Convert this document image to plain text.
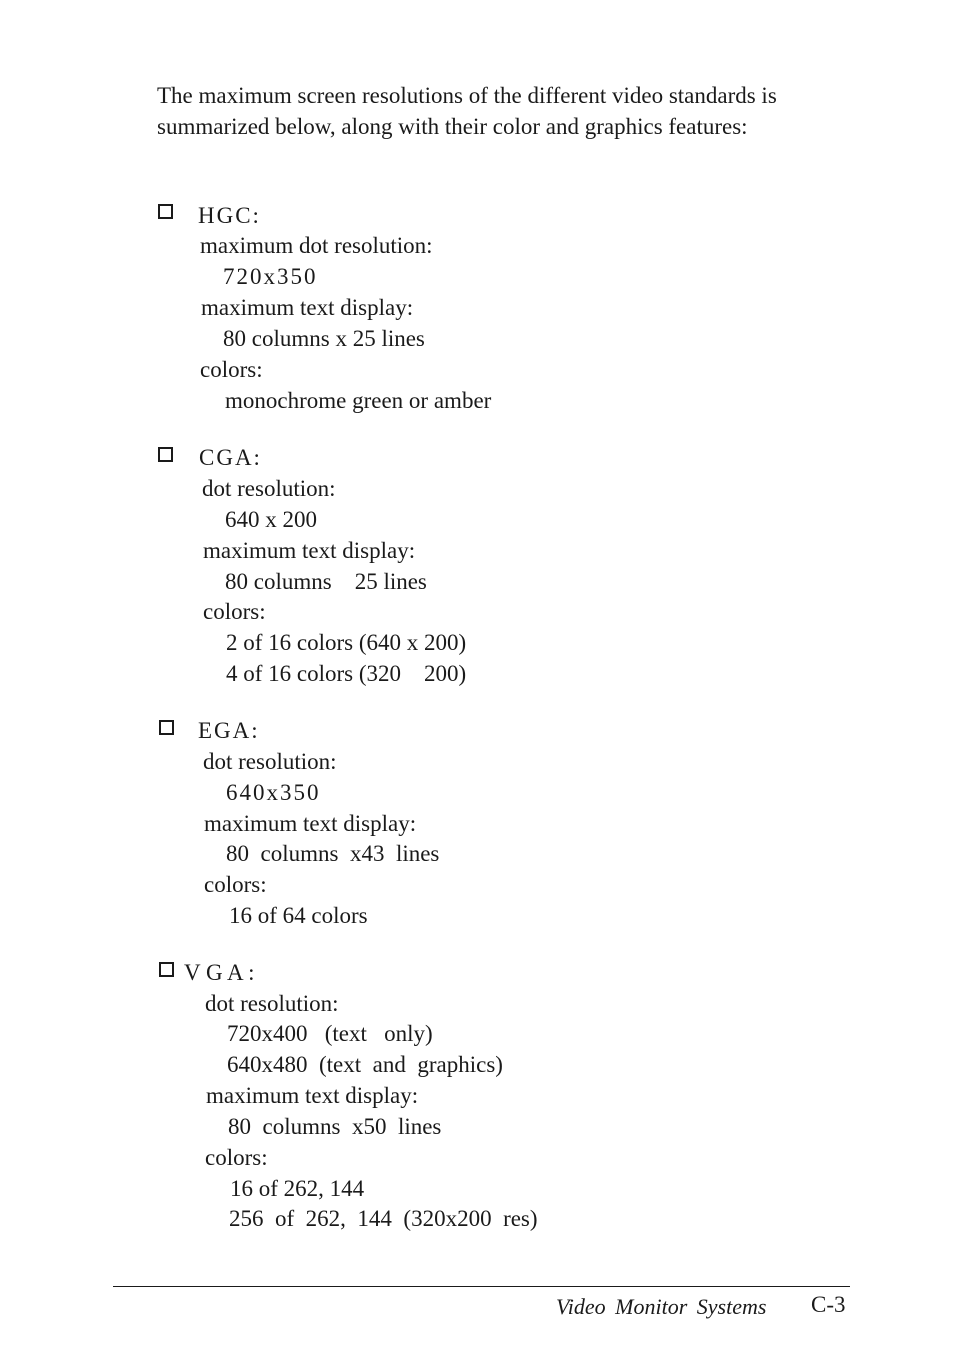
The maximum screen resolutions of the different video standards is summarized below, along with their color and graphics features:

HGC:
maximum dot resolution:
720x350
maximum text display:
80 columns x 25 lines
colors:
monochrome green or amber
CGA:
dot resolution:
640 x 200
maximum text display:
80 columns    25 lines
colors:
2 of 16 colors (640 x 200)
4 of 16 colors (320    200)
EGA:
dot resolution:
640x350
maximum text display:
80  columns  x43  lines
colors:
16 of 64 colors
V G A :
dot resolution:
720x400   (text   only)
640x480  (text  and  graphics)
maximum text display:
80  columns  x50  lines
colors:
16 of 262, 144
256  of  262,  144  (320x200  res)
Video Monitor Systems C-3
